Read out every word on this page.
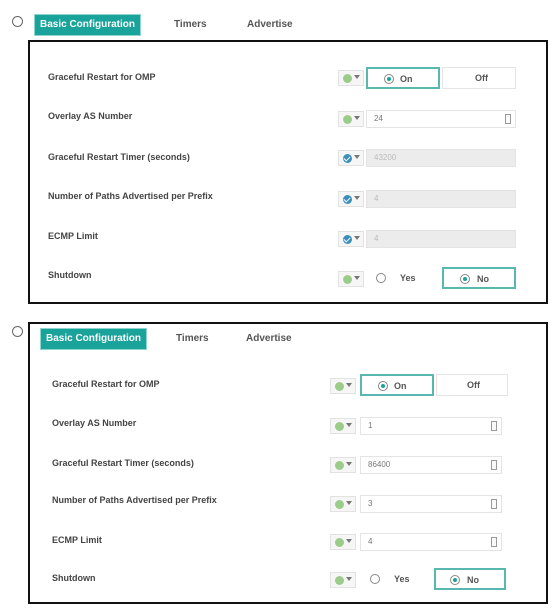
Basic Configuration	Timers	Advertise
Graceful Restart for OMP	On	Off
Overlay AS Number	24
Graceful Restart Timer (seconds)	43200
Number of Paths Advertised per Prefix	4
ECMP Limit	4
Shutdown	Yes	No
Basic Configuration	Timers	Advertise
Graceful Restart for OMP	On	Off
Overlay AS Number	1
Graceful Restart Timer (seconds)	86400
Number of Paths Advertised per Prefix	3
ECMP Limit	4
Shutdown	Yes	No
